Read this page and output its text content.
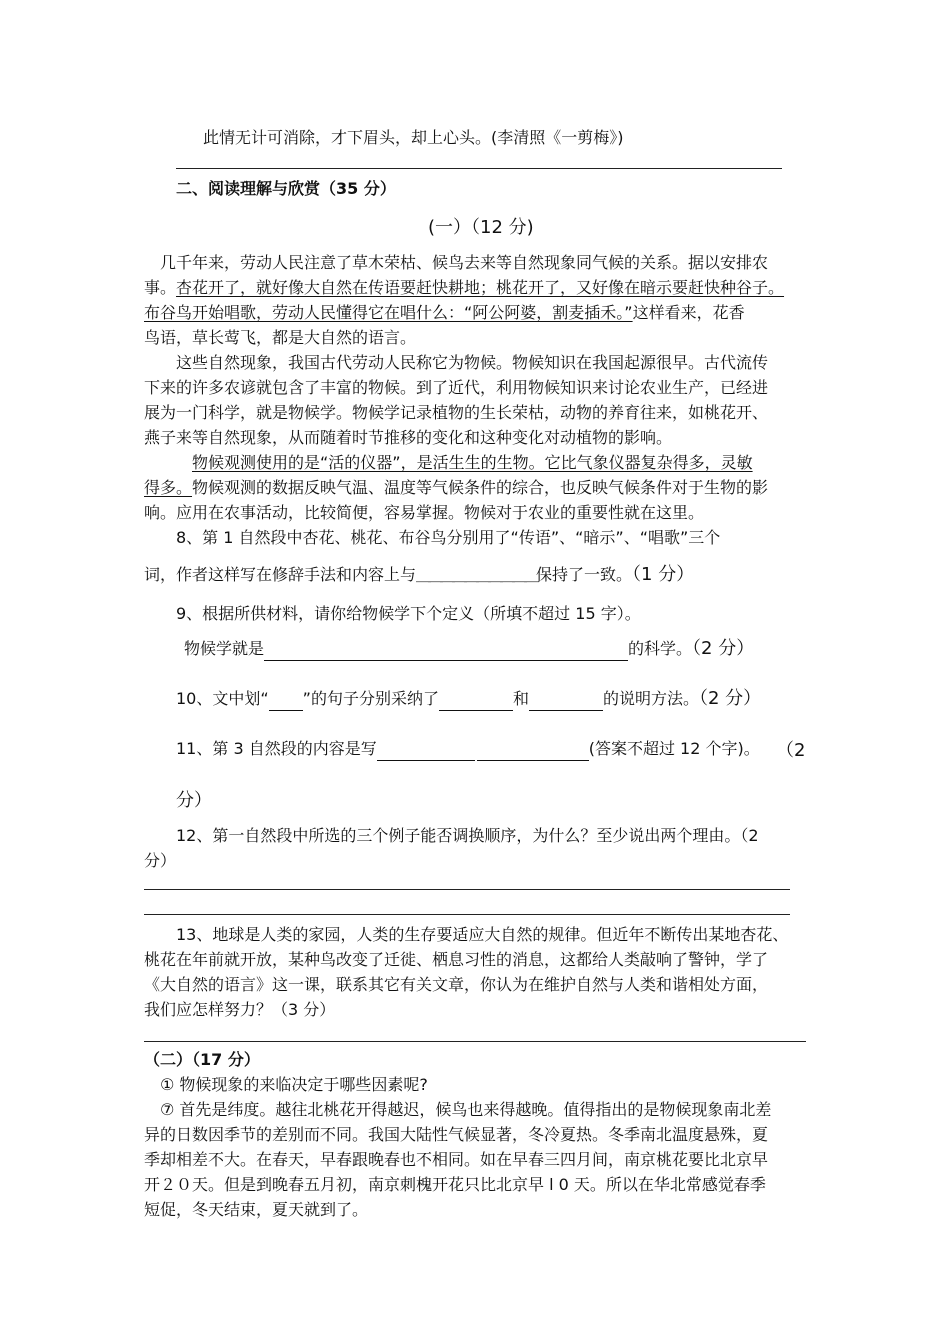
此情无计可消除，才下眉头，却上心头。(李清照《一剪梅》)
二、阅读理解与欣赏（35 分）
(一）（12 分)
几千年来，劳动人民注意了草木荣枯、候鸟去来等自然现象同气候的关系。据以安排农
事。杏花开了，就好像大自然在传语要赶快耕地；桃花开了，又好像在暗示要赶快种谷子。
布谷鸟开始唱歌，劳动人民懂得它在唱什么：“阿公阿婆，割麦插禾。”这样看来，花香
鸟语，草长莺飞，都是大自然的语言。
这些自然现象，我国古代劳动人民称它为物候。物候知识在我国起源很早。古代流传
下来的许多农谚就包含了丰富的物候。到了近代，利用物候知识来讨论农业生产，已经进
展为一门科学，就是物候学。物候学记录植物的生长荣枯，动物的养育往来，如桃花开、
燕子来等自然现象，从而随着时节推移的变化和这种变化对动植物的影响。
物候观测使用的是“活的仪器”，是活生生的生物。它比气象仪器复杂得多，灵敏
得多。物候观测的数据反映气温、温度等气候条件的综合，也反映气候条件对于生物的影
响。应用在农事活动，比较简便，容易掌握。物候对于农业的重要性就在这里。
8、第 1 自然段中杏花、桃花、布谷鸟分别用了“传语”、“暗示”、“唱歌”三个
词，作者这样写在修辞手法和内容上与＿＿＿＿＿＿＿＿＿＿保持了一致。（1 分）
9、根据所供材料，请你给物候学下个定义（所填不超过 15 字）。
物候学就是	的科学。（2 分）
10、文中划“ ”的句子分别采纳了	和	的说明方法。（2 分）
11、第 3 自然段的内容是写	(答案不超过 12 个字)。 （2
分）
12、第一自然段中所选的三个例子能否调换顺序，为什么？至少说出两个理由。（2
分）
13、地球是人类的家园，人类的生存要适应大自然的规律。但近年不断传出某地杏花、
桃花在年前就开放，某种鸟改变了迁徙、栖息习性的消息，这都给人类敲响了警钟，学了
《大自然的语言》这一课，联系其它有关文章，你认为在维护自然与人类和谐相处方面，
我们应怎样努力？（3 分）
（二）（17 分）
① 物候现象的来临决定于哪些因素呢?
⑦ 首先是纬度。越往北桃花开得越迟，候鸟也来得越晚。值得指出的是物候现象南北差
异的日数因季节的差别而不同。我国大陆性气候显著，冬冷夏热。冬季南北温度悬殊，夏
季却相差不大。在春天，早春跟晚春也不相同。如在早春三四月间，南京桃花要比北京早
开２０天。但是到晚春五月初，南京刺槐开花只比北京早 l 0 天。所以在华北常感觉春季
短促，冬天结束，夏天就到了。
